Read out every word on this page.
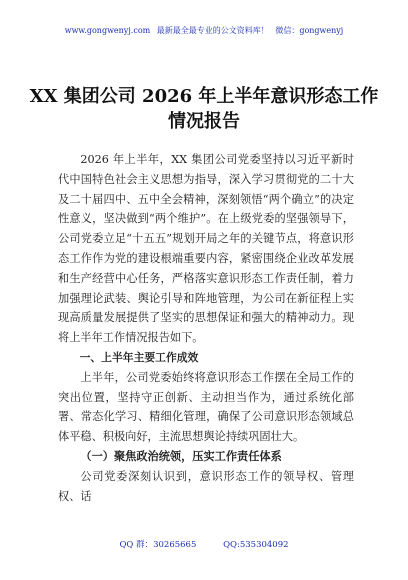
www.gongwenyj.com 最新最全最专业的公文资料库！ 微信：gongwenyj
XX 集团公司 2026 年上半年意识形态工作
情况报告

2026 年上半年，XX 集团公司党委坚持以习近平新时代中国特色社会主义思想为指导，深入学习贯彻党的二十大及二十届四中、五中全会精神，深刻领悟“两个确立”的决定性意义，坚决做到“两个维护”。在上级党委的坚强领导下，公司党委立足“十五五”规划开局之年的关键节点，将意识形态工作作为党的建设根端重要内容，紧密围绕企业改革发展和生产经营中心任务，严格落实意识形态工作责任制，着力加强理论武装、舆论引导和阵地管理，为公司在新征程上实现高质量发展提供了坚实的思想保证和强大的精神动力。现将上半年工作情况报告如下。

一、上半年主要工作成效

上半年，公司党委始终将意识形态工作摆在全局工作的突出位置，坚持守正创新、主动担当作为，通过系统化部署、常态化学习、精细化管理，确保了公司意识形态领域总体平稳、积极向好，主流思想舆论持续巩固壮大。

（一）聚焦政治统领，压实工作责任体系

公司党委深刻认识到，意识形态工作的领导权、管理权、话

QQ 群：30265665	QQ:535304092
